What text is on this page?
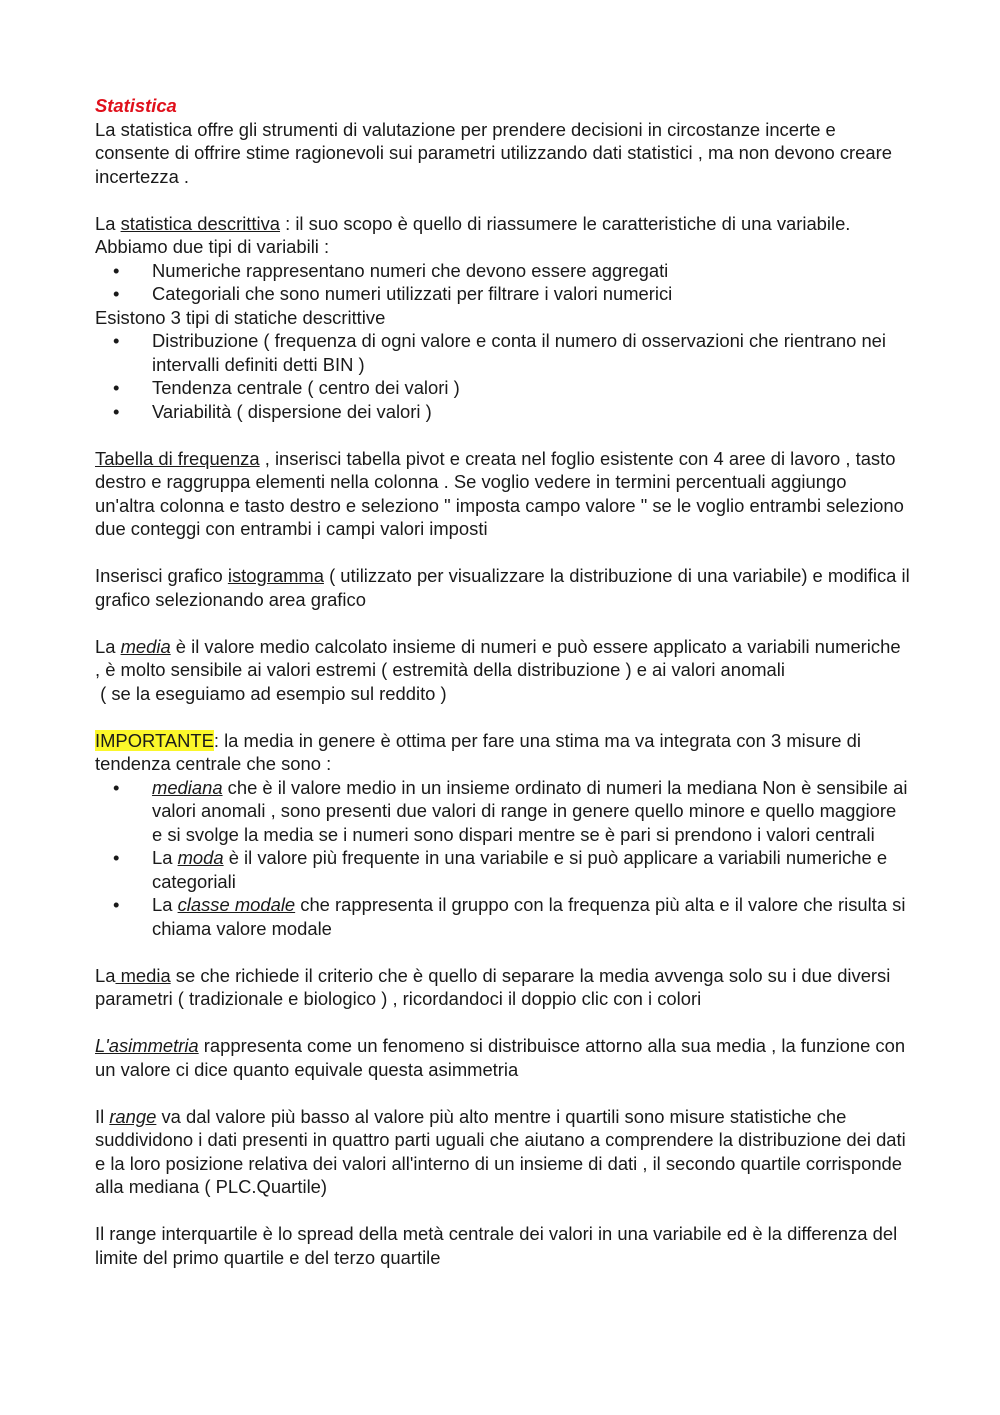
Statistica

La statistica offre gli strumenti di valutazione per prendere decisioni in circostanze incerte e consente di offrire stime ragionevoli sui parametri utilizzando dati statistici , ma non devono creare incertezza .

La statistica descrittiva : il suo scopo è quello di riassumere le caratteristiche di una variabile. Abbiamo due tipi di variabili :

• Numeriche rappresentano numeri che devono essere aggregati
• Categoriali che sono numeri utilizzati per filtrare i valori numerici

Esistono 3 tipi di statiche descrittive

• Distribuzione ( frequenza di ogni valore e conta il numero di osservazioni che rientrano nei intervalli definiti detti BIN )
• Tendenza centrale ( centro dei valori )
• Variabilità ( dispersione dei valori )

Tabella di frequenza , inserisci tabella pivot e creata nel foglio esistente con 4 aree di lavoro , tasto destro e raggruppa elementi nella colonna . Se voglio vedere in termini percentuali aggiungo un'altra colonna e tasto destro e seleziono " imposta campo valore " se le voglio entrambi seleziono due conteggi con entrambi i campi valori imposti

Inserisci grafico istogramma ( utilizzato per visualizzare la distribuzione di una variabile) e modifica il grafico selezionando area grafico

La media è il valore medio calcolato insieme di numeri e può essere applicato a variabili numeriche , è molto sensibile ai valori estremi ( estremità della distribuzione ) e ai valori anomali

( se la eseguiamo ad esempio sul reddito )

IMPORTANTE: la media in genere è ottima per fare una stima ma va integrata con 3 misure di tendenza centrale che sono :

• mediana che è il valore medio in un insieme ordinato di numeri la mediana Non è sensibile ai valori anomali , sono presenti due valori di range in genere quello minore e quello maggiore e si svolge la media se i numeri sono dispari mentre se è pari si prendono i valori centrali
• La moda è il valore più frequente in una variabile e si può applicare a variabili numeriche e categoriali
• La classe modale che rappresenta il gruppo con la frequenza più alta e il valore che risulta si chiama valore modale

La media se che richiede il criterio che è quello di separare la media avvenga solo su i due diversi parametri ( tradizionale e biologico ) , ricordandoci il doppio clic con i colori

L'asimmetria rappresenta come un fenomeno si distribuisce attorno alla sua media , la funzione con un valore ci dice quanto equivale questa asimmetria

Il range va dal valore più basso al valore più alto mentre i quartili sono misure statistiche che suddividono i dati presenti in quattro parti uguali che aiutano a comprendere la distribuzione dei dati e la loro posizione relativa dei valori all'interno di un insieme di dati , il secondo quartile corrisponde alla mediana ( PLC.Quartile)

Il range interquartile è lo spread della metà centrale dei valori in una variabile ed è la differenza del limite del primo quartile e del terzo quartile
